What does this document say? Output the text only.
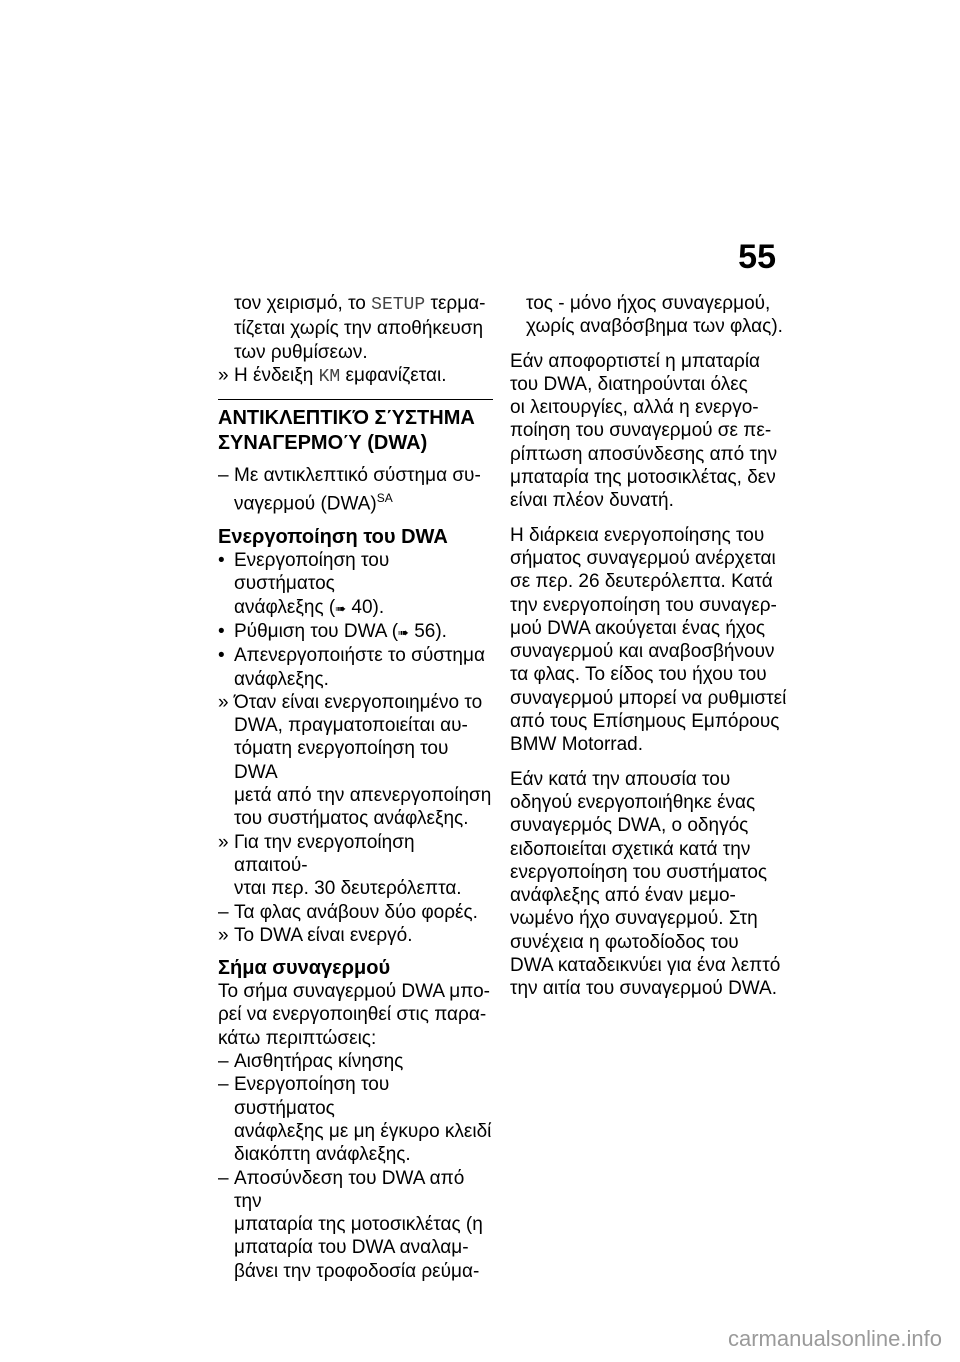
55
τον χειρισμό, το SETUP τερμα-
τίζεται χωρίς την αποθήκευση
των ρυθμίσεων.
» Η ένδειξη KM εμφανίζεται.
ΑΝΤΙΚΛΕΠΤΙΚΌ ΣΎΣΤΗΜΑ
ΣΥΝΑΓΕΡΜΟΎ (DWA)
– Με αντικλεπτικό σύστημα συ-
ναγερμού (DWA)$^{SA}$
Ενεργοποίηση του DWA
• Ενεργοποίηση του συστήματος
ανάφλεξης (➠ 40).
• Ρύθμιση του DWA (➠ 56).
• Απενεργοποιήστε το σύστημα
ανάφλεξης.
» Όταν είναι ενεργοποιημένο το
DWA, πραγματοποιείται αυ-
τόματη ενεργοποίηση του DWA
μετά από την απενεργοποίηση
του συστήματος ανάφλεξης.
» Για την ενεργοποίηση απαιτού-
νται περ. 30 δευτερόλεπτα.
– Τα φλας ανάβουν δύο φορές.
» Το DWA είναι ενεργό.
Σήμα συναγερμού
Το σήμα συναγερμού DWA μπο-
ρεί να ενεργοποιηθεί στις παρα-
κάτω περιπτώσεις:
– Αισθητήρας κίνησης
– Ενεργοποίηση του συστήματος
ανάφλεξης με μη έγκυρο κλειδί
διακόπτη ανάφλεξης.
– Αποσύνδεση του DWA από την
μπαταρία της μοτοσικλέτας (η
μπαταρία του DWA αναλαμ-
βάνει την τροφοδοσία ρεύμα-

τος - μόνο ήχος συναγερμού,
χωρίς αναβόσβημα των φλας).

Εάν αποφορτιστεί η μπαταρία
του DWA, διατηρούνται όλες
οι λειτουργίες, αλλά η ενεργο-
ποίηση του συναγερμού σε πε-
ρίπτωση αποσύνδεσης από την
μπαταρία της μοτοσικλέτας, δεν
είναι πλέον δυνατή.

Η διάρκεια ενεργοποίησης του
σήματος συναγερμού ανέρχεται
σε περ. 26 δευτερόλεπτα. Κατά
την ενεργοποίηση του συναγερ-
μού DWA ακούγεται ένας ήχος
συναγερμού και αναβοσβήνουν
τα φλας. Το είδος του ήχου του
συναγερμού μπορεί να ρυθμιστεί
από τους Επίσημους Εμπόρους
BMW Motorrad.

Εάν κατά την απουσία του
οδηγού ενεργοποιήθηκε ένας
συναγερμός DWA, ο οδηγός
ειδοποιείται σχετικά κατά την
ενεργοποίηση του συστήματος
ανάφλεξης από έναν μεμο-
νωμένο ήχο συναγερμού. Στη
συνέχεια η φωτοδίοδος του
DWA καταδεικνύει για ένα λεπτό
την αιτία του συναγερμού DWA.

carmanualsonline.info
